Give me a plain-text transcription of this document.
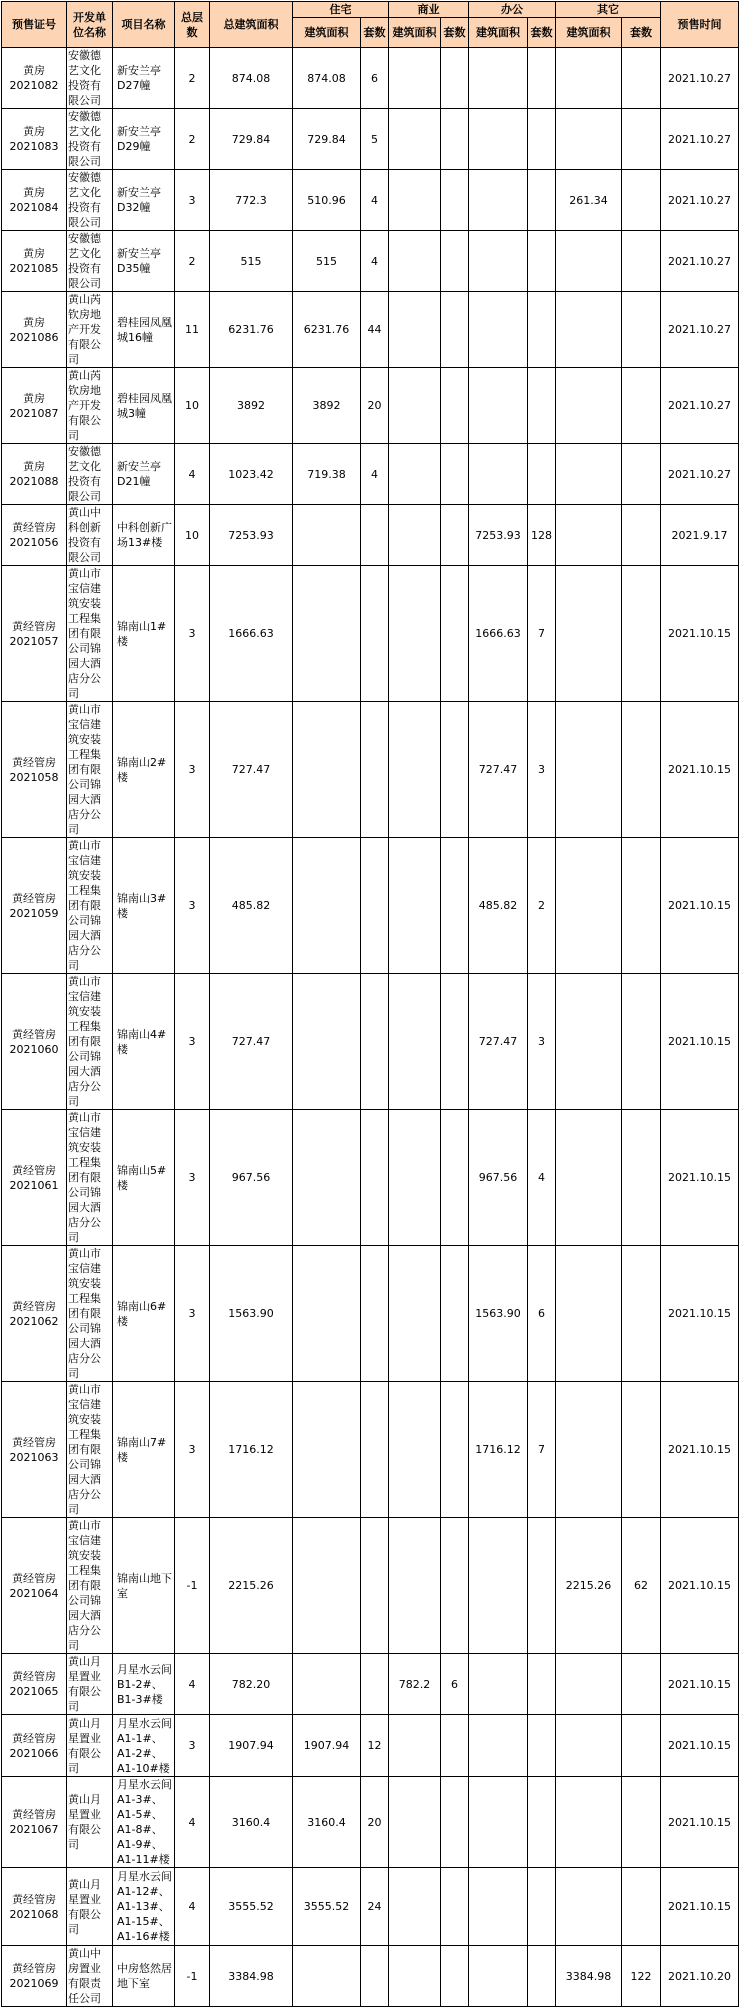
预售证号	开发单位名称	项目名称	总层数	总建筑面积	住宅		商业		办公		其它		预售时间
					建筑面积	套数	建筑面积	套数	建筑面积	套数	建筑面积	套数	
黄房2021082	安徽德艺文化投资有限公司	新安兰亭D27幢	2	874.08	874.08	6							2021.10.27
黄房2021083	安徽德艺文化投资有限公司	新安兰亭D29幢	2	729.84	729.84	5							2021.10.27
黄房2021084	安徽德艺文化投资有限公司	新安兰亭D32幢	3	772.3	510.96	4					261.34		2021.10.27
黄房2021085	安徽德艺文化投资有限公司	新安兰亭D35幢	2	515	515	4							2021.10.27
黄房2021086	黄山芮钦房地产开发有限公司	碧桂园凤凰城16幢	11	6231.76	6231.76	44							2021.10.27
黄房2021087	黄山芮钦房地产开发有限公司	碧桂园凤凰城3幢	10	3892	3892	20							2021.10.27
黄房2021088	安徽德艺文化投资有限公司	新安兰亭D21幢	4	1023.42	719.38	4							2021.10.27
黄经管房2021056	黄山中科创新投资有限公司	中科创新广场13#楼	10	7253.93					7253.93	128			2021.9.17
黄经管房2021057	黄山市宝信建筑安装工程集团有限公司锦园大酒店分公司	锦南山1#楼	3	1666.63					1666.63	7			2021.10.15
黄经管房2021058	黄山市宝信建筑安装工程集团有限公司锦园大酒店分公司	锦南山2#楼	3	727.47					727.47	3			2021.10.15
黄经管房2021059	黄山市宝信建筑安装工程集团有限公司锦园大酒店分公司	锦南山3#楼	3	485.82					485.82	2			2021.10.15
黄经管房2021060	黄山市宝信建筑安装工程集团有限公司锦园大酒店分公司	锦南山4#楼	3	727.47					727.47	3			2021.10.15
黄经管房2021061	黄山市宝信建筑安装工程集团有限公司锦园大酒店分公司	锦南山5#楼	3	967.56					967.56	4			2021.10.15
黄经管房2021062	黄山市宝信建筑安装工程集团有限公司锦园大酒店分公司	锦南山6#楼	3	1563.90					1563.90	6			2021.10.15
黄经管房2021063	黄山市宝信建筑安装工程集团有限公司锦园大酒店分公司	锦南山7#楼	3	1716.12					1716.12	7			2021.10.15
黄经管房2021064	黄山市宝信建筑安装工程集团有限公司锦园大酒店分公司	锦南山地下室	-1	2215.26							2215.26	62	2021.10.15
黄经管房2021065	黄山月星置业有限公司	月星水云间B1-2#、B1-3#楼	4	782.20			782.2	6					2021.10.15
黄经管房2021066	黄山月星置业有限公司	月星水云间A1-1#、A1-2#、A1-10#楼	3	1907.94	1907.94	12							2021.10.15
黄经管房2021067	黄山月星置业有限公司	月星水云间A1-3#、A1-5#、A1-8#、A1-9#、A1-11#楼	4	3160.4	3160.4	20							2021.10.15
黄经管房2021068	黄山月星置业有限公司	月星水云间A1-12#、A1-13#、A1-15#、A1-16#楼	4	3555.52	3555.52	24							2021.10.15
黄经管房2021069	黄山中房置业有限责任公司	中房悠然居地下室	-1	3384.98							3384.98	122	2021.10.20
